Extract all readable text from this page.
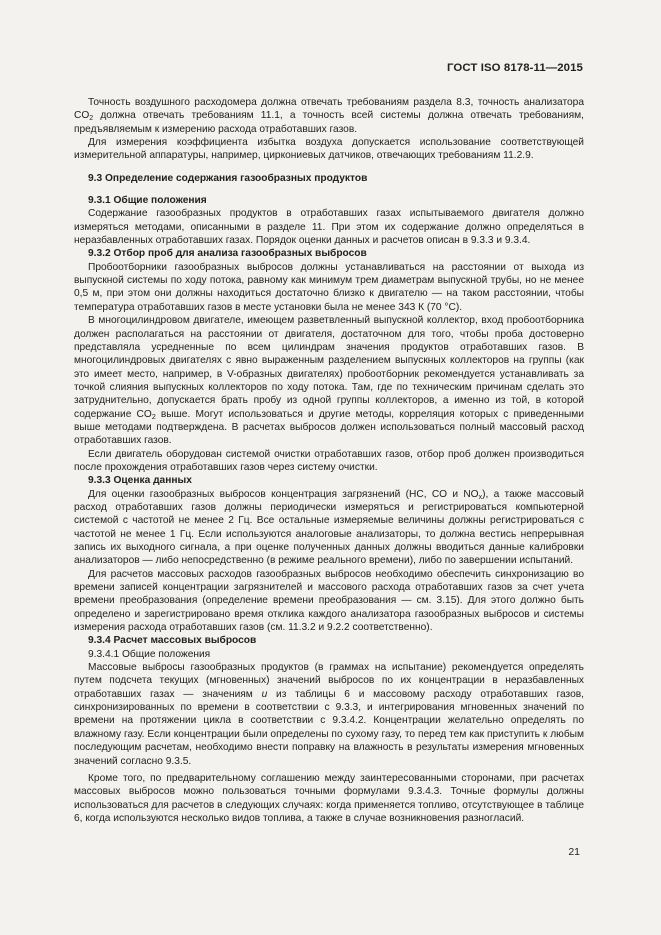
ГОСТ ISO 8178-11—2015

Точность воздушного расходомера должна отвечать требованиям раздела 8.3, точность анализатора $CO_2$ должна отвечать требованиям 11.1, а точность всей системы должна отвечать требованиям, предъявляемым к измерению расхода отработавших газов.

Для измерения коэффициента избытка воздуха допускается использование соответствующей измерительной аппаратуры, например, циркониевых датчиков, отвечающих требованиям 11.2.9.

9.3 Определение содержания газообразных продуктов

9.3.1 Общие положения

Содержание газообразных продуктов в отработавших газах испытываемого двигателя должно измеряться методами, описанными в разделе 11. При этом их содержание должно определяться в неразбавленных отработавших газах. Порядок оценки данных и расчетов описан в 9.3.3 и 9.3.4.

9.3.2 Отбор проб для анализа газообразных выбросов

Пробоотборники газообразных выбросов должны устанавливаться на расстоянии от выхода из выпускной системы по ходу потока, равному как минимум трем диаметрам выпускной трубы, но не менее 0,5 м, при этом они должны находиться достаточно близко к двигателю — на таком расстоянии, чтобы температура отработавших газов в месте установки была не менее 343 К (70 °С).

В многоцилиндровом двигателе, имеющем разветвленный выпускной коллектор, вход пробоотборника должен располагаться на расстоянии от двигателя, достаточном для того, чтобы проба достоверно представляла усредненные по всем цилиндрам значения продуктов отработавших газов. В многоцилиндровых двигателях с явно выраженным разделением выпускных коллекторов на группы (как это имеет место, например, в V-образных двигателях) пробоотборник рекомендуется устанавливать за точкой слияния выпускных коллекторов по ходу потока. Там, где по техническим причинам сделать это затруднительно, допускается брать пробу из одной группы коллекторов, а именно из той, в которой содержание $CO_2$ выше. Могут использоваться и другие методы, корреляция которых с приведенными выше методами подтверждена. В расчетах выбросов должен использоваться полный массовый расход отработавших газов.

Если двигатель оборудован системой очистки отработавших газов, отбор проб должен производиться после прохождения отработавших газов через систему очистки.

9.3.3 Оценка данных

Для оценки газообразных выбросов концентрация загрязнений (HC, CO и $NO_x$), а также массовый расход отработавших газов должны периодически измеряться и регистрироваться компьютерной системой с частотой не менее 2 Гц. Все остальные измеряемые величины должны регистрироваться с частотой не менее 1 Гц. Если используются аналоговые анализаторы, то должна вестись непрерывная запись их выходного сигнала, а при оценке полученных данных должны вводиться данные калибровки анализаторов — либо непосредственно (в режиме реального времени), либо по завершении испытаний.

Для расчетов массовых расходов газообразных выбросов необходимо обеспечить синхронизацию во времени записей концентрации загрязнителей и массового расхода отработавших газов за счет учета времени преобразования (определение времени преобразования — см. 3.15). Для этого должно быть определено и зарегистрировано время отклика каждого анализатора газообразных выбросов и системы измерения расхода отработавших газов (см. 11.3.2 и 9.2.2 соответственно).

9.3.4 Расчет массовых выбросов

9.3.4.1 Общие положения

Массовые выбросы газообразных продуктов (в граммах на испытание) рекомендуется определять путем подсчета текущих (мгновенных) значений выбросов по их концентрации в неразбавленных отработавших газах — значениям u из таблицы 6 и массовому расходу отработавших газов, синхронизированных по времени в соответствии с 9.3.3, и интегрирования мгновенных значений по времени на протяжении цикла в соответствии с 9.3.4.2. Концентрации желательно определять по влажному газу. Если концентрации были определены по сухому газу, то перед тем как приступить к любым последующим расчетам, необходимо внести поправку на влажность в результаты измерения мгновенных значений согласно 9.3.5.

Кроме того, по предварительному соглашению между заинтересованными сторонами, при расчетах массовых выбросов можно пользоваться точными формулами 9.3.4.3. Точные формулы должны использоваться для расчетов в следующих случаях: когда применяется топливо, отсутствующее в таблице 6, когда используются несколько видов топлива, а также в случае возникновения разногласий.

21
